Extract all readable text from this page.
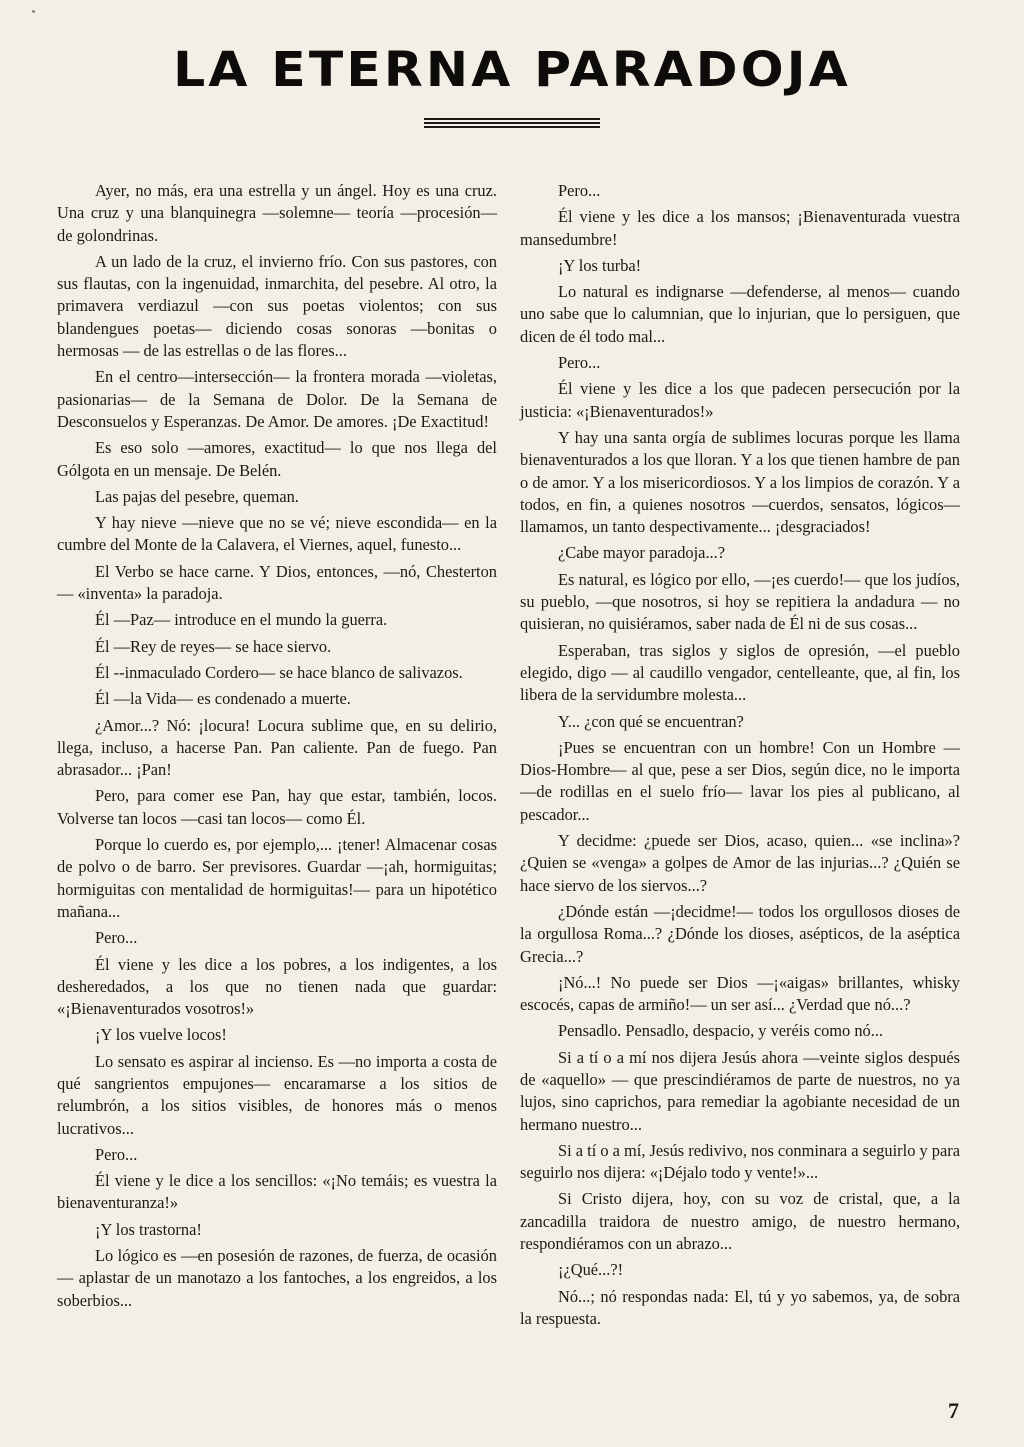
LA ETERNA PARADOJA

Ayer, no más, era una estrella y un ángel. Hoy es una cruz. Una cruz y una blanquinegra —solemne— teoría —procesión— de golondrinas.

A un lado de la cruz, el invierno frío. Con sus pastores, con sus flautas, con la ingenuidad, inmarchita, del pesebre. Al otro, la primavera verdiazul —con sus poetas violentos; con sus blandengues poetas— diciendo cosas sonoras —bonitas o hermosas — de las estrellas o de las flores...

En el centro—intersección— la frontera morada —violetas, pasionarias— de la Semana de Dolor. De la Semana de Desconsuelos y Esperanzas. De Amor. De amores. ¡De Exactitud!

Es eso solo —amores, exactitud— lo que nos llega del Gólgota en un mensaje. De Belén.

Las pajas del pesebre, queman.

Y hay nieve —nieve que no se vé; nieve escondida— en la cumbre del Monte de la Calavera, el Viernes, aquel, funesto...

El Verbo se hace carne. Y Dios, entonces, —nó, Chesterton— «inventa» la paradoja.

Él —Paz— introduce en el mundo la guerra.

Él —Rey de reyes— se hace siervo.

Él --inmaculado Cordero— se hace blanco de salivazos.

Él —la Vida— es condenado a muerte.

¿Amor...? Nó: ¡locura! Locura sublime que, en su delirio, llega, incluso, a hacerse Pan. Pan caliente. Pan de fuego. Pan abrasador... ¡Pan!

Pero, para comer ese Pan, hay que estar, también, locos. Volverse tan locos —casi tan locos— como Él.

Porque lo cuerdo es, por ejemplo,... ¡tener! Almacenar cosas de polvo o de barro. Ser previsores. Guardar —¡ah, hormiguitas; hormiguitas con mentalidad de hormiguitas!— para un hipotético mañana...

Pero...

Él viene y les dice a los pobres, a los indigentes, a los desheredados, a los que no tienen nada que guardar: «¡Bienaventurados vosotros!»

¡Y los vuelve locos!

Lo sensato es aspirar al incienso. Es —no importa a costa de qué sangrientos empujones— encaramarse a los sitios de relumbrón, a los sitios visibles, de honores más o menos lucrativos...

Pero...

Él viene y le dice a los sencillos: «¡No temáis; es vuestra la bienaventuranza!»

¡Y los trastorna!

Lo lógico es —en posesión de razones, de fuerza, de ocasión— aplastar de un manotazo a los fantoches, a los engreidos, a los soberbios...

Pero...

Él viene y les dice a los mansos; ¡Bienaventurada vuestra mansedumbre!

¡Y los turba!

Lo natural es indignarse —defenderse, al menos— cuando uno sabe que lo calumnian, que lo injurian, que lo persiguen, que dicen de él todo mal...

Pero...

Él viene y les dice a los que padecen persecución por la justicia: «¡Bienaventurados!»

Y hay una santa orgía de sublimes locuras porque les llama bienaventurados a los que lloran. Y a los que tienen hambre de pan o de amor. Y a los misericordiosos. Y a los limpios de corazón. Y a todos, en fin, a quienes nosotros —cuerdos, sensatos, lógicos— llamamos, un tanto despectivamente... ¡desgraciados!

¿Cabe mayor paradoja...?

Es natural, es lógico por ello, —¡es cuerdo!— que los judíos, su pueblo, —que nosotros, si hoy se repitiera la andadura — no quisieran, no quisiéramos, saber nada de Él ni de sus cosas...

Esperaban, tras siglos y siglos de opresión, —el pueblo elegido, digo — al caudillo vengador, centelleante, que, al fin, los libera de la servidumbre molesta...

Y... ¿con qué se encuentran?

¡Pues se encuentran con un hombre! Con un Hombre —Dios-Hombre— al que, pese a ser Dios, según dice, no le importa —de rodillas en el suelo frío— lavar los pies al publicano, al pescador...

Y decidme: ¿puede ser Dios, acaso, quien... «se inclina»? ¿Quien se «venga» a golpes de Amor de las injurias...? ¿Quién se hace siervo de los siervos...?

¿Dónde están —¡decidme!— todos los orgullosos dioses de la orgullosa Roma...? ¿Dónde los dioses, asépticos, de la aséptica Grecia...?

¡Nó...! No puede ser Dios —¡«aigas» brillantes, whisky escocés, capas de armiño!— un ser así... ¿Verdad que nó...?

Pensadlo. Pensadlo, despacio, y veréis como nó...

Si a tí o a mí nos dijera Jesús ahora —veinte siglos después de «aquello» — que prescindiéramos de parte de nuestros, no ya lujos, sino caprichos, para remediar la agobiante necesidad de un hermano nuestro...

Si a tí o a mí, Jesús redivivo, nos conminara a seguirlo y para seguirlo nos dijera: «¡Déjalo todo y vente!»...

Si Cristo dijera, hoy, con su voz de cristal, que, a la zancadilla traidora de nuestro amigo, de nuestro hermano, respondiéramos con un abrazo...

¡¿Qué...?!

Nó...; nó respondas nada: El, tú y yo sabemos, ya, de sobra la respuesta.

7
